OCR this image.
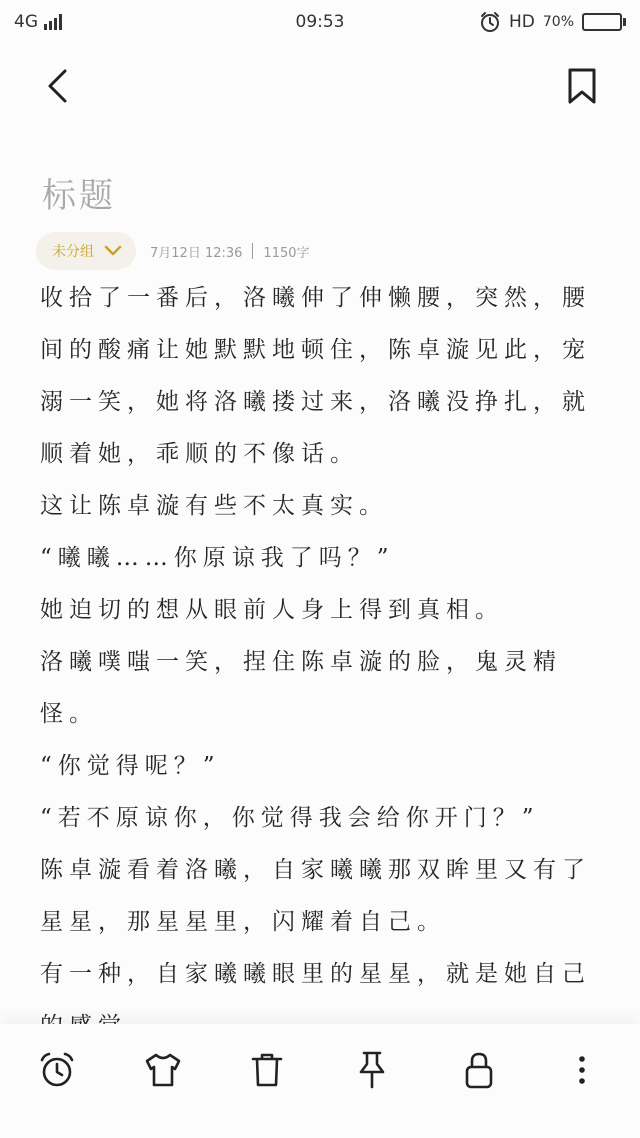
4G	09:53	HD 70%
标题
未分组	7月12日 12:36 1150字

收拾了一番后，洛曦伸了伸懒腰，突然，腰间的酸痛让她默默地顿住，陈卓漩见此，宠溺一笑，她将洛曦搂过来，洛曦没挣扎，就顺着她，乖顺的不像话。

这让陈卓漩有些不太真实。

“曦曦……你原谅我了吗？”

她迫切的想从眼前人身上得到真相。

洛曦噗嗤一笑，捏住陈卓漩的脸，鬼灵精怪。

“你觉得呢？”

“若不原谅你，你觉得我会给你开门？”

陈卓漩看着洛曦，自家曦曦那双眸里又有了星星，那星星里，闪耀着自己。

有一种，自家曦曦眼里的星星，就是她自己
